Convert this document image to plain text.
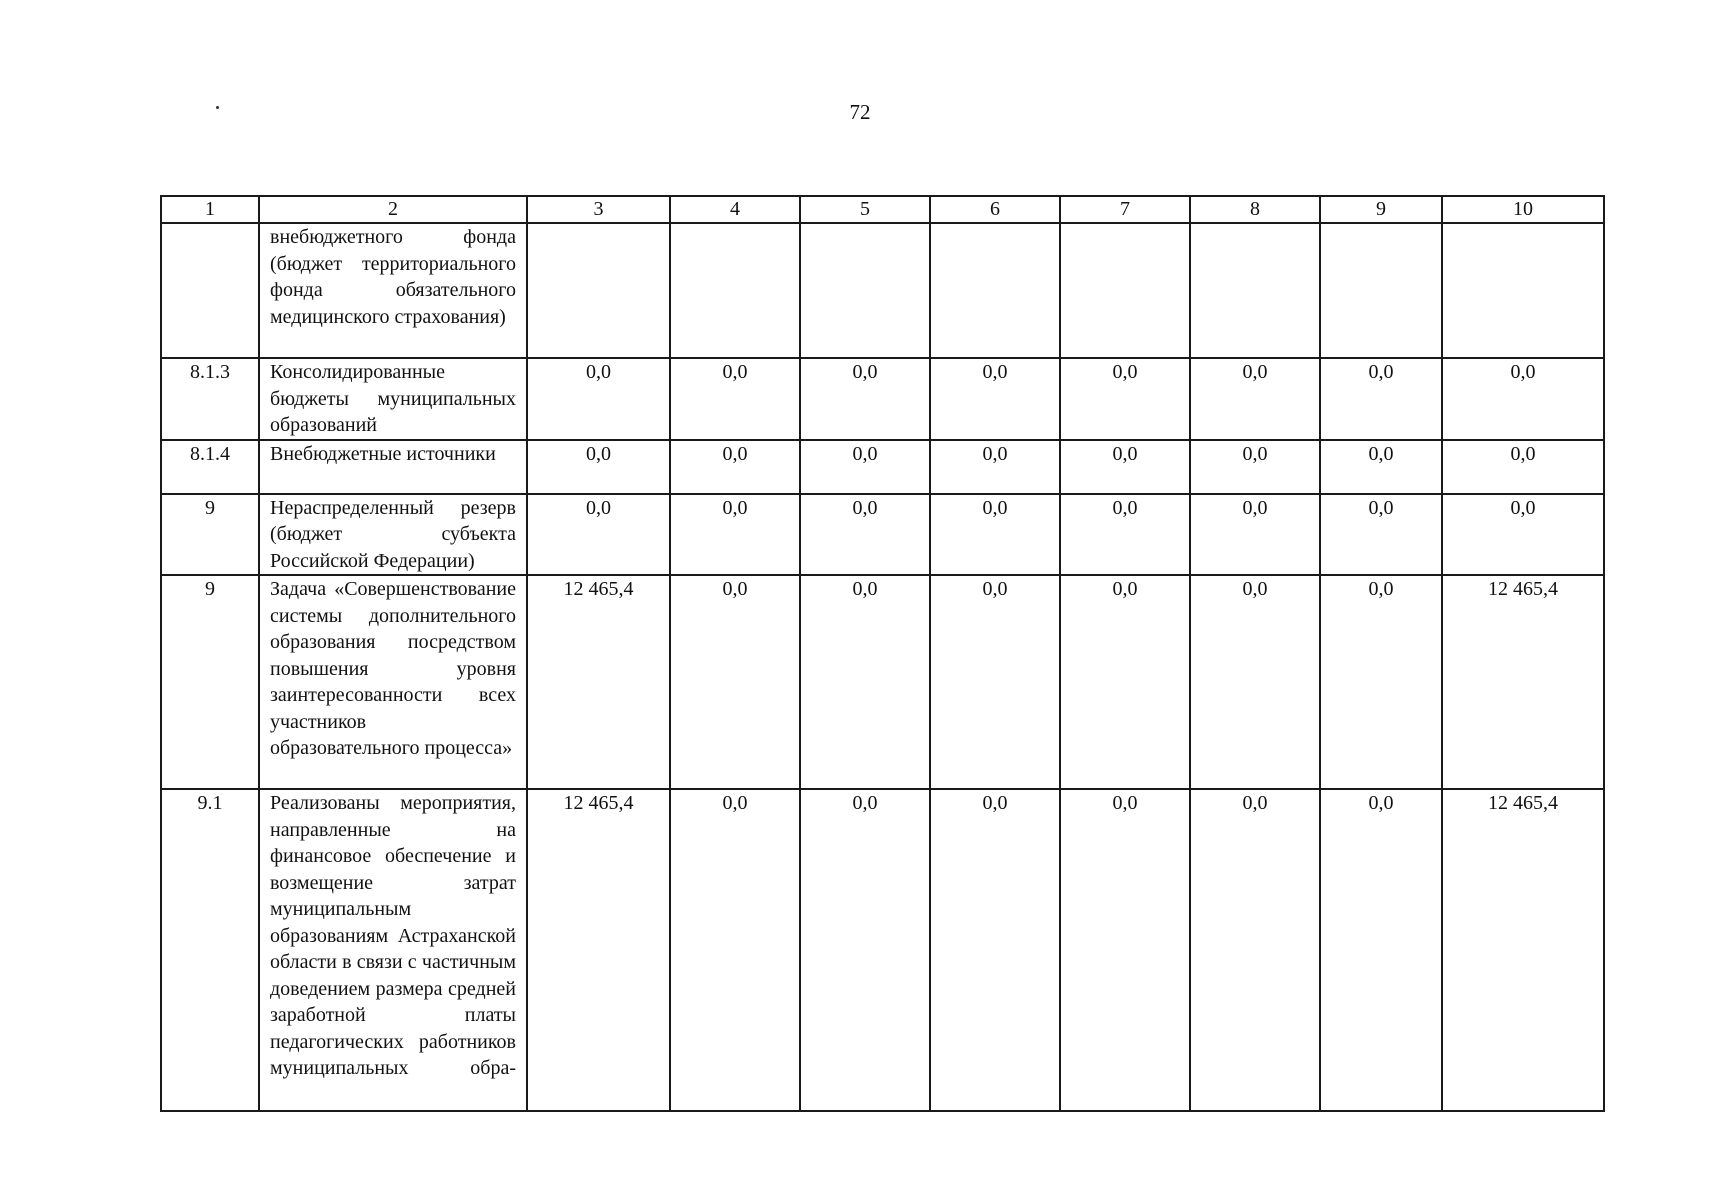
72
1	2	3	4	5	6	7	8	9	10
	внебюджетного фонда (бюджет территориального фонда обязательного медицинского страхования)								
8.1.3	Консолидированные бюджеты муниципальных образований	0,0	0,0	0,0	0,0	0,0	0,0	0,0	0,0
8.1.4	Внебюджетные источники	0,0	0,0	0,0	0,0	0,0	0,0	0,0	0,0
9	Нераспределенный резерв (бюджет субъекта Российской Федерации)	0,0	0,0	0,0	0,0	0,0	0,0	0,0	0,0
9	Задача «Совершенствование системы дополнительного образования посредством повышения уровня заинтересованности всех участников образовательного процесса»	12 465,4	0,0	0,0	0,0	0,0	0,0	0,0	12 465,4
9.1	Реализованы мероприятия, направленные на финансовое обеспечение и возмещение затрат муниципальным образованиям Астраханской области в связи с частичным доведением размера средней заработной платы педагогических работников муниципальных обра-	12 465,4	0,0	0,0	0,0	0,0	0,0	0,0	12 465,4
